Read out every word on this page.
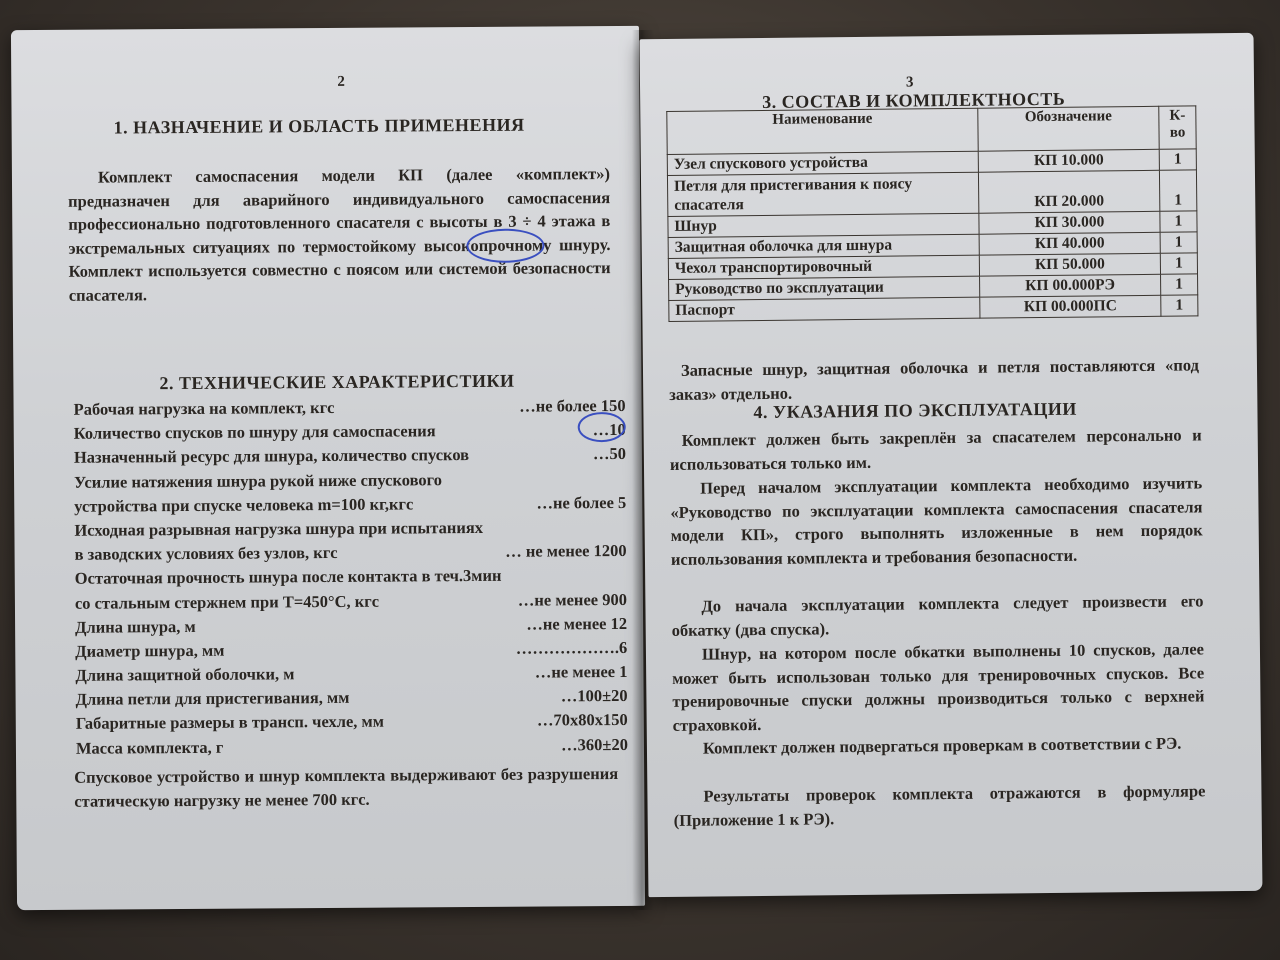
2
1. НАЗНАЧЕНИЕ И ОБЛАСТЬ ПРИМЕНЕНИЯ
Комплект самоспасения модели КП (далее «комплект») предназначен для аварийного индивидуального самоспасения профессионально подготовленного спасателя с высоты в 3 ÷ 4 этажа в экстремальных ситуациях по термостойкому высокопрочному шнуру. Комплект используется совместно с поясом или системой безопасности спасателя.
2. ТЕХНИЧЕСКИЕ ХАРАКТЕРИСТИКИ
Рабочая нагрузка на комплект, кгс	…не более 150
Количество спусков по шнуру для самоспасения	…10
Назначенный ресурс для шнура, количество спусков	…50
Усилие натяжения шнура рукой ниже спускового
устройства при спуске человека m=100 кг,кгс	…не более 5
Исходная разрывная нагрузка шнура при испытаниях
в заводских условиях без узлов, кгс	… не менее 1200
Остаточная прочность шнура после контакта в теч.3мин
со стальным стержнем при Т=450°С, кгс	…не менее 900
Длина шнура, м	…не менее 12
Диаметр шнура, мм	……………….6
Длина защитной оболочки, м	…не менее 1
Длина петли для пристегивания, мм	…100±20
Габаритные размеры в трансп. чехле, мм	…70x80x150
Масса комплекта, г	…360±20
Спусковое устройство и шнур комплекта выдерживают без разрушения статическую нагрузку не менее 700 кгс.
3
3. СОСТАВ И КОМПЛЕКТНОСТЬ
Наименование	Обозначение	К-во
Узел спускового устройства	КП 10.000	1
Петля для пристегивания к поясу спасателя	КП 20.000	1
Шнур	КП 30.000	1
Защитная оболочка для шнура	КП 40.000	1
Чехол транспортировочный	КП 50.000	1
Руководство по эксплуатации	КП 00.000РЭ	1
Паспорт	КП 00.000ПС	1
Запасные шнур, защитная оболочка и петля поставляются «под заказ» отдельно.
4. УКАЗАНИЯ ПО ЭКСПЛУАТАЦИИ
Комплект должен быть закреплён за спасателем персонально и использоваться только им.
Перед началом эксплуатации комплекта необходимо изучить «Руководство по эксплуатации комплекта самоспасения спасателя модели КП», строго выполнять изложенные в нем порядок использования комплекта и требования безопасности.
До начала эксплуатации комплекта следует произвести его обкатку (два спуска).
Шнур, на котором после обкатки выполнены 10 спусков, далее может быть использован только для тренировочных спусков. Все тренировочные спуски должны производиться только с верхней страховкой.
Комплект должен подвергаться проверкам в соответствии с РЭ.
Результаты проверок комплекта отражаются в формуляре (Приложение 1 к РЭ).
